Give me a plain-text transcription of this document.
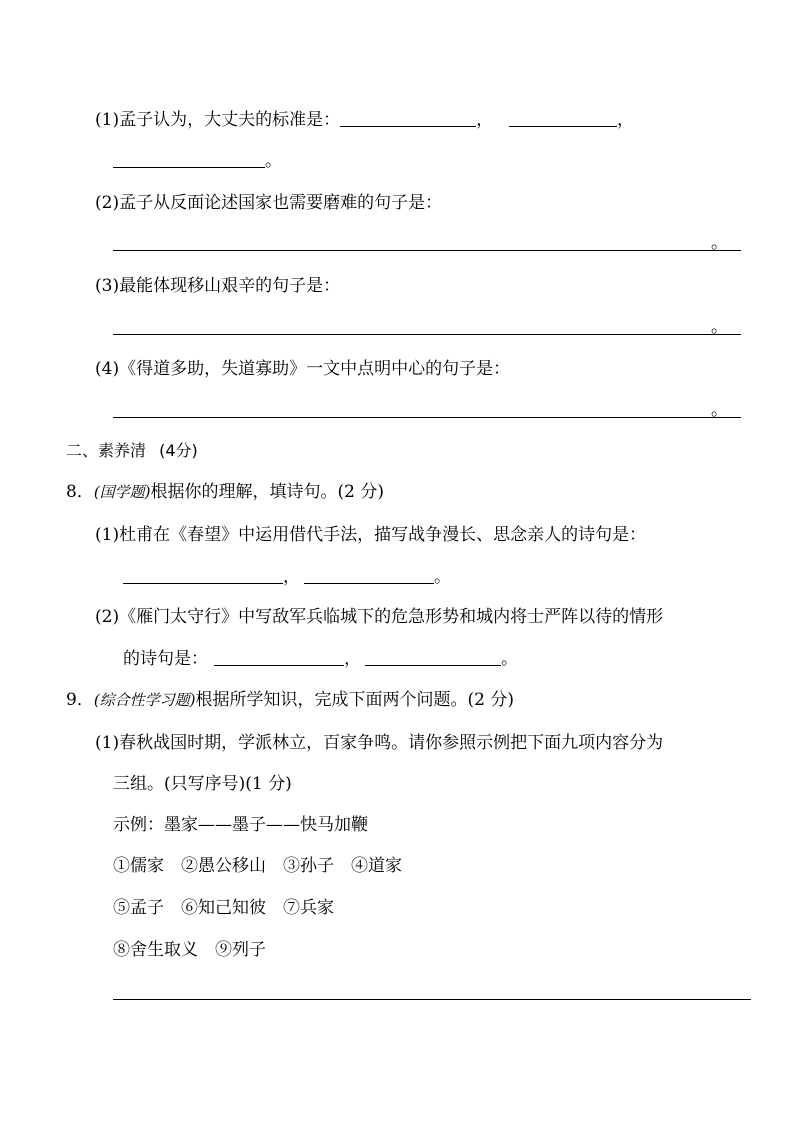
(1)孟子认为，大丈夫的标准是：	，	，
。
(2)孟子从反面论述国家也需要磨难的句子是：
。
(3)最能体现移山艰辛的句子是：
。
(4)《得道多助，失道寡助》一文中点明中心的句子是：
。
二、素养清 (4分)
8．(国学题)根据你的理解，填诗句。(2 分)
(1)杜甫在《春望》中运用借代手法，描写战争漫长、思念亲人的诗句是：
，	。
(2)《雁门太守行》中写敌军兵临城下的危急形势和城内将士严阵以待的情形
的诗句是：	，	。
9．(综合性学习题)根据所学知识，完成下面两个问题。(2 分)
(1)春秋战国时期，学派林立，百家争鸣。请你参照示例把下面九项内容分为
三组。(只写序号)(1 分)
示例：墨家——墨子——快马加鞭
①儒家　②愚公移山　③孙子　④道家
⑤孟子　⑥知己知彼　⑦兵家
⑧舍生取义　⑨列子
